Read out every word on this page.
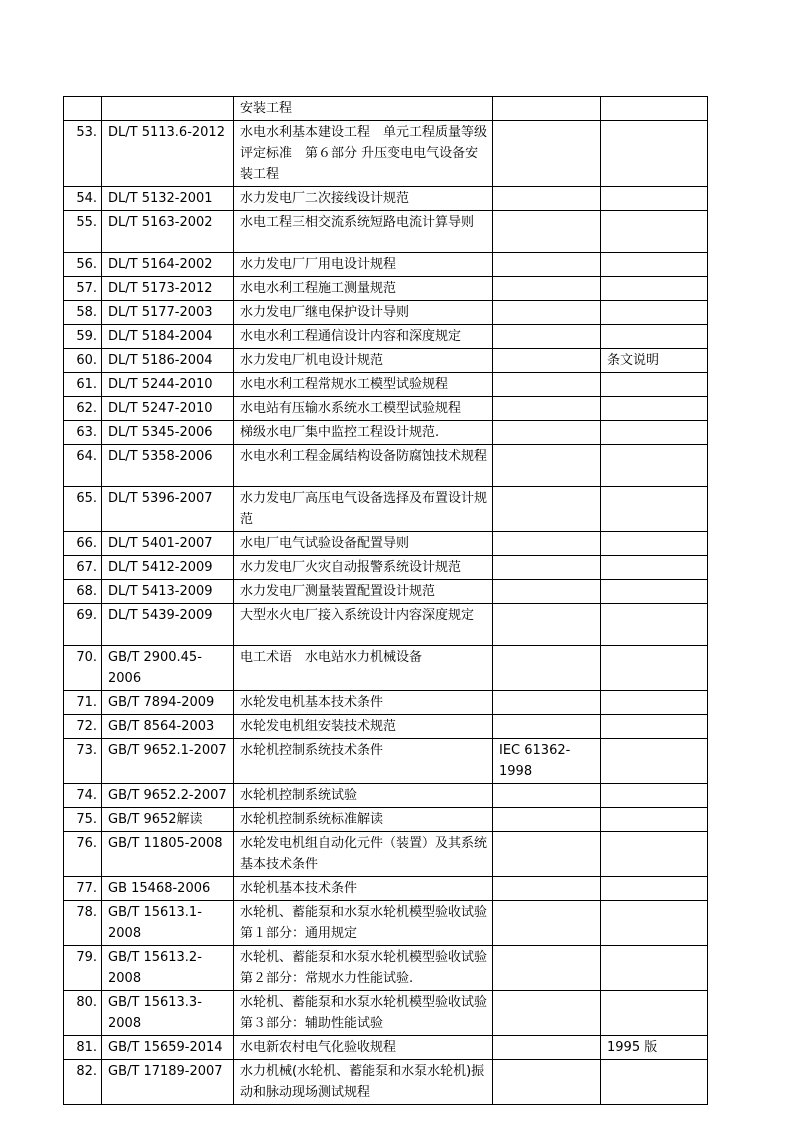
		安装工程		
53.	DL/T 5113.6-2012	水电水利基本建设工程　单元工程质量等级评定标准　第６部分 升压变电电气设备安装工程		
54.	DL/T 5132-2001	水力发电厂二次接线设计规范		
55.	DL/T 5163-2002	水电工程三相交流系统短路电流计算导则		
56.	DL/T 5164-2002	水力发电厂厂用电设计规程		
57.	DL/T 5173-2012	水电水利工程施工测量规范		
58.	DL/T 5177-2003	水力发电厂继电保护设计导则		
59.	DL/T 5184-2004	水电水利工程通信设计内容和深度规定		
60.	DL/T 5186-2004	水力发电厂机电设计规范		条文说明
61.	DL/T 5244-2010	水电水利工程常规水工模型试验规程		
62.	DL/T 5247-2010	水电站有压输水系统水工模型试验规程		
63.	DL/T 5345-2006	梯级水电厂集中监控工程设计规范.		
64.	DL/T 5358-2006	水电水利工程金属结构设备防腐蚀技术规程		
65.	DL/T 5396-2007	水力发电厂高压电气设备选择及布置设计规范		
66.	DL/T 5401-2007	水电厂电气试验设备配置导则		
67.	DL/T 5412-2009	水力发电厂火灾自动报警系统设计规范		
68.	DL/T 5413-2009	水力发电厂测量装置配置设计规范		
69.	DL/T 5439-2009	大型水火电厂接入系统设计内容深度规定		
70.	GB/T 2900.45-2006	电工术语　水电站水力机械设备		
71.	GB/T 7894-2009	水轮发电机基本技术条件		
72.	GB/T 8564-2003	水轮发电机组安装技术规范		
73.	GB/T 9652.1-2007	水轮机控制系统技术条件	IEC 61362-1998	
74.	GB/T 9652.2-2007	水轮机控制系统试验		
75.	GB/T 9652解读	水轮机控制系统标准解读		
76.	GB/T 11805-2008	水轮发电机组自动化元件（装置）及其系统基本技术条件		
77.	GB 15468-2006	水轮机基本技术条件		
78.	GB/T 15613.1-2008	水轮机、蓄能泵和水泵水轮机模型验收试验　第１部分：通用规定		
79.	GB/T 15613.2-2008	水轮机、蓄能泵和水泵水轮机模型验收试验　第２部分：常规水力性能试验.		
80.	GB/T 15613.3-2008	水轮机、蓄能泵和水泵水轮机模型验收试验　第３部分：辅助性能试验		
81.	GB/T 15659-2014	水电新农村电气化验收规程		1995 版
82.	GB/T 17189-2007	水力机械(水轮机、蓄能泵和水泵水轮机)振动和脉动现场测试规程		
